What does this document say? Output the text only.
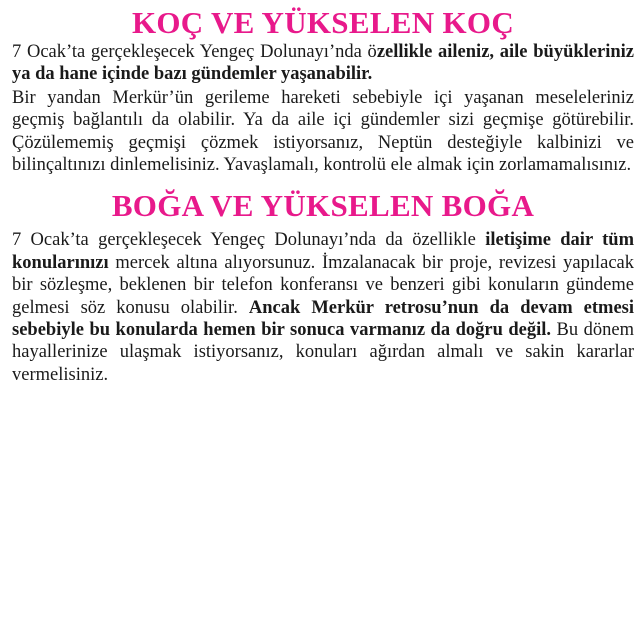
KOÇ VE YÜKSELEN KOÇ

7 Ocak’ta gerçekleşecek Yengeç Dolunayı’nda özellikle aileniz, aile büyükleriniz ya da hane içinde bazı gündemler yaşanabilir.

Bir yandan Merkür’ün gerileme hareketi sebebiyle içi yaşanan meseleleriniz geçmiş bağlantılı da olabilir. Ya da aile içi gündemler sizi geçmişe götürebilir. Çözülememiş geçmişi çözmek istiyorsanız, Neptün desteğiyle kalbinizi ve bilinçaltınızı dinlemelisiniz. Yavaşlamalı, kontrolü ele almak için zorlamamalısınız.

BOĞA VE YÜKSELEN BOĞA

7 Ocak’ta gerçekleşecek Yengeç Dolunayı’nda da özellikle iletişime dair tüm konularınızı mercek altına alıyorsunuz. İmzalanacak bir proje, revizesi yapılacak bir sözleşme, beklenen bir telefon konferansı ve benzeri gibi konuların gündeme gelmesi söz konusu olabilir. Ancak Merkür retrosu’nun da devam etmesi sebebiyle bu konularda hemen bir sonuca varmanız da doğru değil. Bu dönem hayallerinize ulaşmak istiyorsanız, konuları ağırdan almalı ve sakin kararlar vermelisiniz.
